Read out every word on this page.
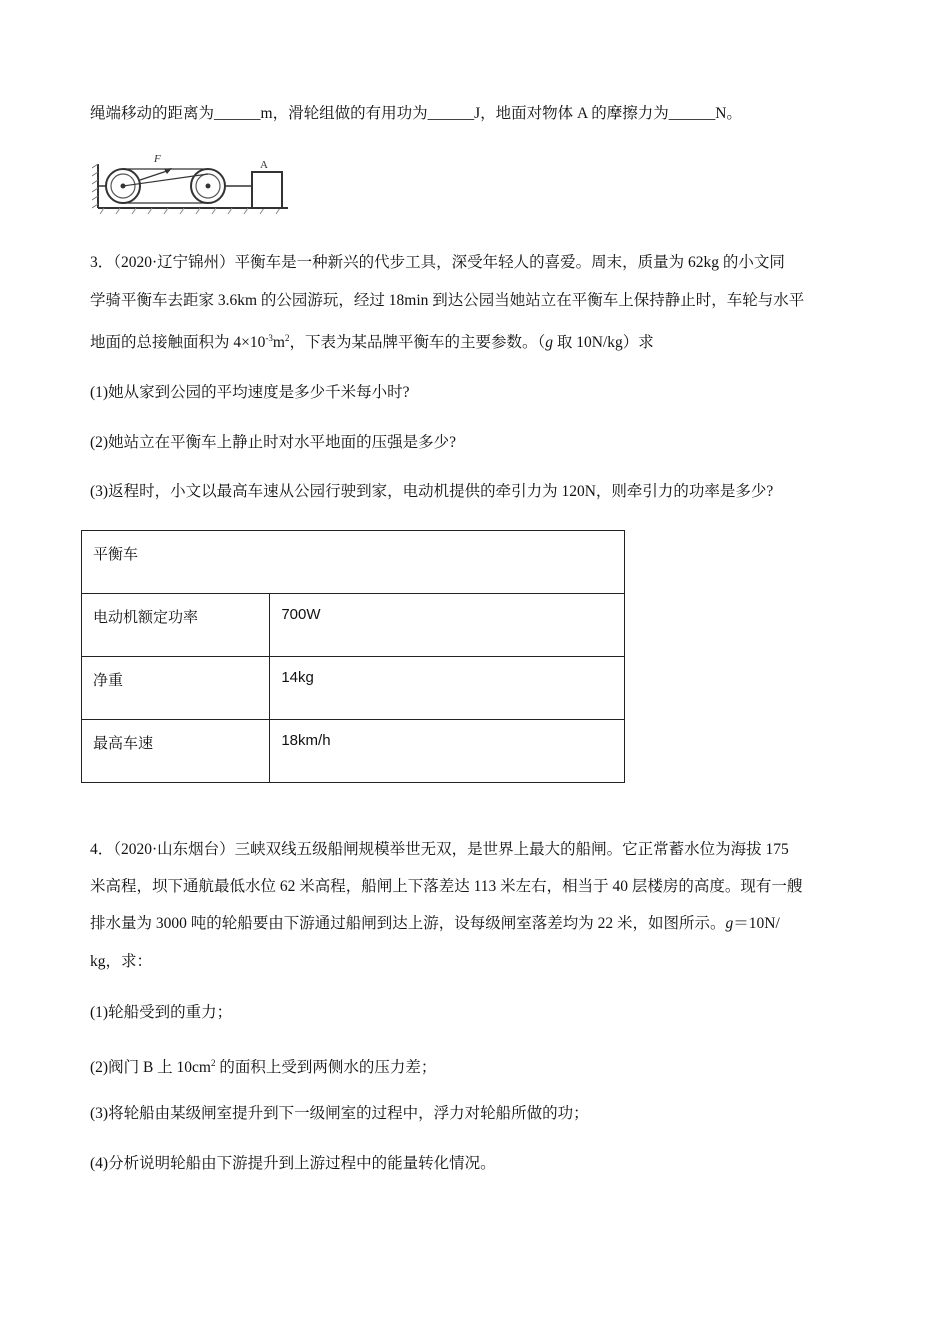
绳端移动的距离为______m，滑轮组做的有用功为______J，地面对物体 A 的摩擦力为______N。
F	A
3．（2020·辽宁锦州）平衡车是一种新兴的代步工具，深受年轻人的喜爱。周末，质量为 62kg 的小文同
学骑平衡车去距家 3.6km 的公园游玩，经过 18min 到达公园当她站立在平衡车上保持静止时，车轮与水平
地面的总接触面积为 $4\times 10^{-3}m^2$，下表为某品牌平衡车的主要参数。（g 取 10N/kg）求
(1)她从家到公园的平均速度是多少千米每小时?
(2)她站立在平衡车上静止时对水平地面的压强是多少?
(3)返程时，小文以最高车速从公园行驶到家，电动机提供的牵引力为 120N，则牵引力的功率是多少?
平衡车	

电动机额定功率	700W

净重	14kg

最高车速	18km/h
4．（2020·山东烟台）三峡双线五级船闸规模举世无双，是世界上最大的船闸。它正常蓄水位为海拔 175
米高程，坝下通航最低水位 62 米高程，船闸上下落差达 113 米左右，相当于 40 层楼房的高度。现有一艘
排水量为 3000 吨的轮船要由下游通过船闸到达上游，设每级闸室落差均为 22 米，如图所示。g＝10N/
kg，求：
(1)轮船受到的重力；
(2)阀门 B 上 $10cm^2$ 的面积上受到两侧水的压力差；
(3)将轮船由某级闸室提升到下一级闸室的过程中，浮力对轮船所做的功；
(4)分析说明轮船由下游提升到上游过程中的能量转化情况。
